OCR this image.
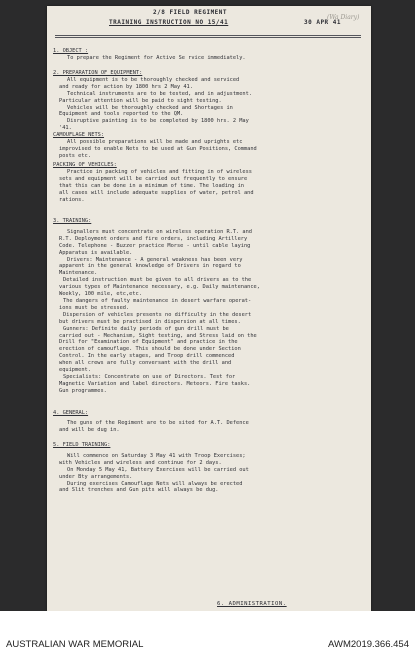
(Wa Diary)
2/8 FIELD REGIMENT
TRAINING INSTRUCTION NO 15/41	30 APR 41
1. OBJECT :
To prepare the Regiment for Active Se rvice immediately.
2. PREPARATION OF EQUIPMENT:
All equipment is to be thoroughly checked and serviced
and ready for action by 1800 hrs 2 May 41.
Technical instruments are to be tested, and in adjustment.
Particular attention will be paid to sight testing.
Vehicles will be thoroughly checked and Shortages in
Equipment and tools reported to the QM.
Disruptive painting is to be completed by 1800 hrs. 2 May
'41.
CAMOUFLAGE NETS:
All possible preparations will be made and uprights etc
improvised to enable Nets to be used at Gun Positions, Command
posts etc.
PACKING OF VEHICLES:
Practice in packing of vehicles and fitting in of wireless
sets and equipment will be carried out frequently to ensure
that this can be done in a minimum of time. The loading in
all cases will include adequate supplies of water, petrol and
rations.
3. TRAINING:
Signallers must concentrate on wireless operation R.T. and
R.T. Deployment orders and fire orders, including Artillery
Code. Telephone - Buzzer practice Morse - until cable laying
Apparatus is available.
Drivers: Maintenance - A general weakness has been very
apparent in the general knowledge of Drivers in regard to
Maintenance.
Detailed instruction must be given to all drivers as to the
various types of Maintenance necessary, e.g. Daily maintenance,
Weekly, 100 mile, etc,etc.
The dangers of faulty maintenance in desert warfare operat-
ions must be stressed.
Dispersion of vehicles presents no difficulty in the desert
but drivers must be practised in dispersion at all times.
Gunners: Definite daily periods of gun drill must be
carried out - Mechanism, Sight testing, and Stress laid on the
Drill for "Examination of Equipment" and practice in the
erection of camouflage. This should be done under Section
Control. In the early stages, and Troop drill commenced
when all crews are fully conversant with the drill and
equipment.
Specialists: Concentrate on use of Directors. Test for
Magnetic Variation and label directors. Meteors. Fire tasks.
Gun programmes.
4. GENERAL:
The guns of the Regiment are to be sited for A.T. Defence
and will be dug in.
5. FIELD TRAINING:
Will commence on Saturday 3 May 41 with Troop Exercises;
with Vehicles and wireless and continue for 2 days.
On Monday 5 May 41, Battery Exercises will be carried out
under Bty arrangements.
During exercises Camouflage Nets will always be erected
and Slit trenches and Gun pits will always be dug.
6. ADMINISTRATION.
AUSTRALIAN WAR MEMORIAL	AWM2019.366.454
